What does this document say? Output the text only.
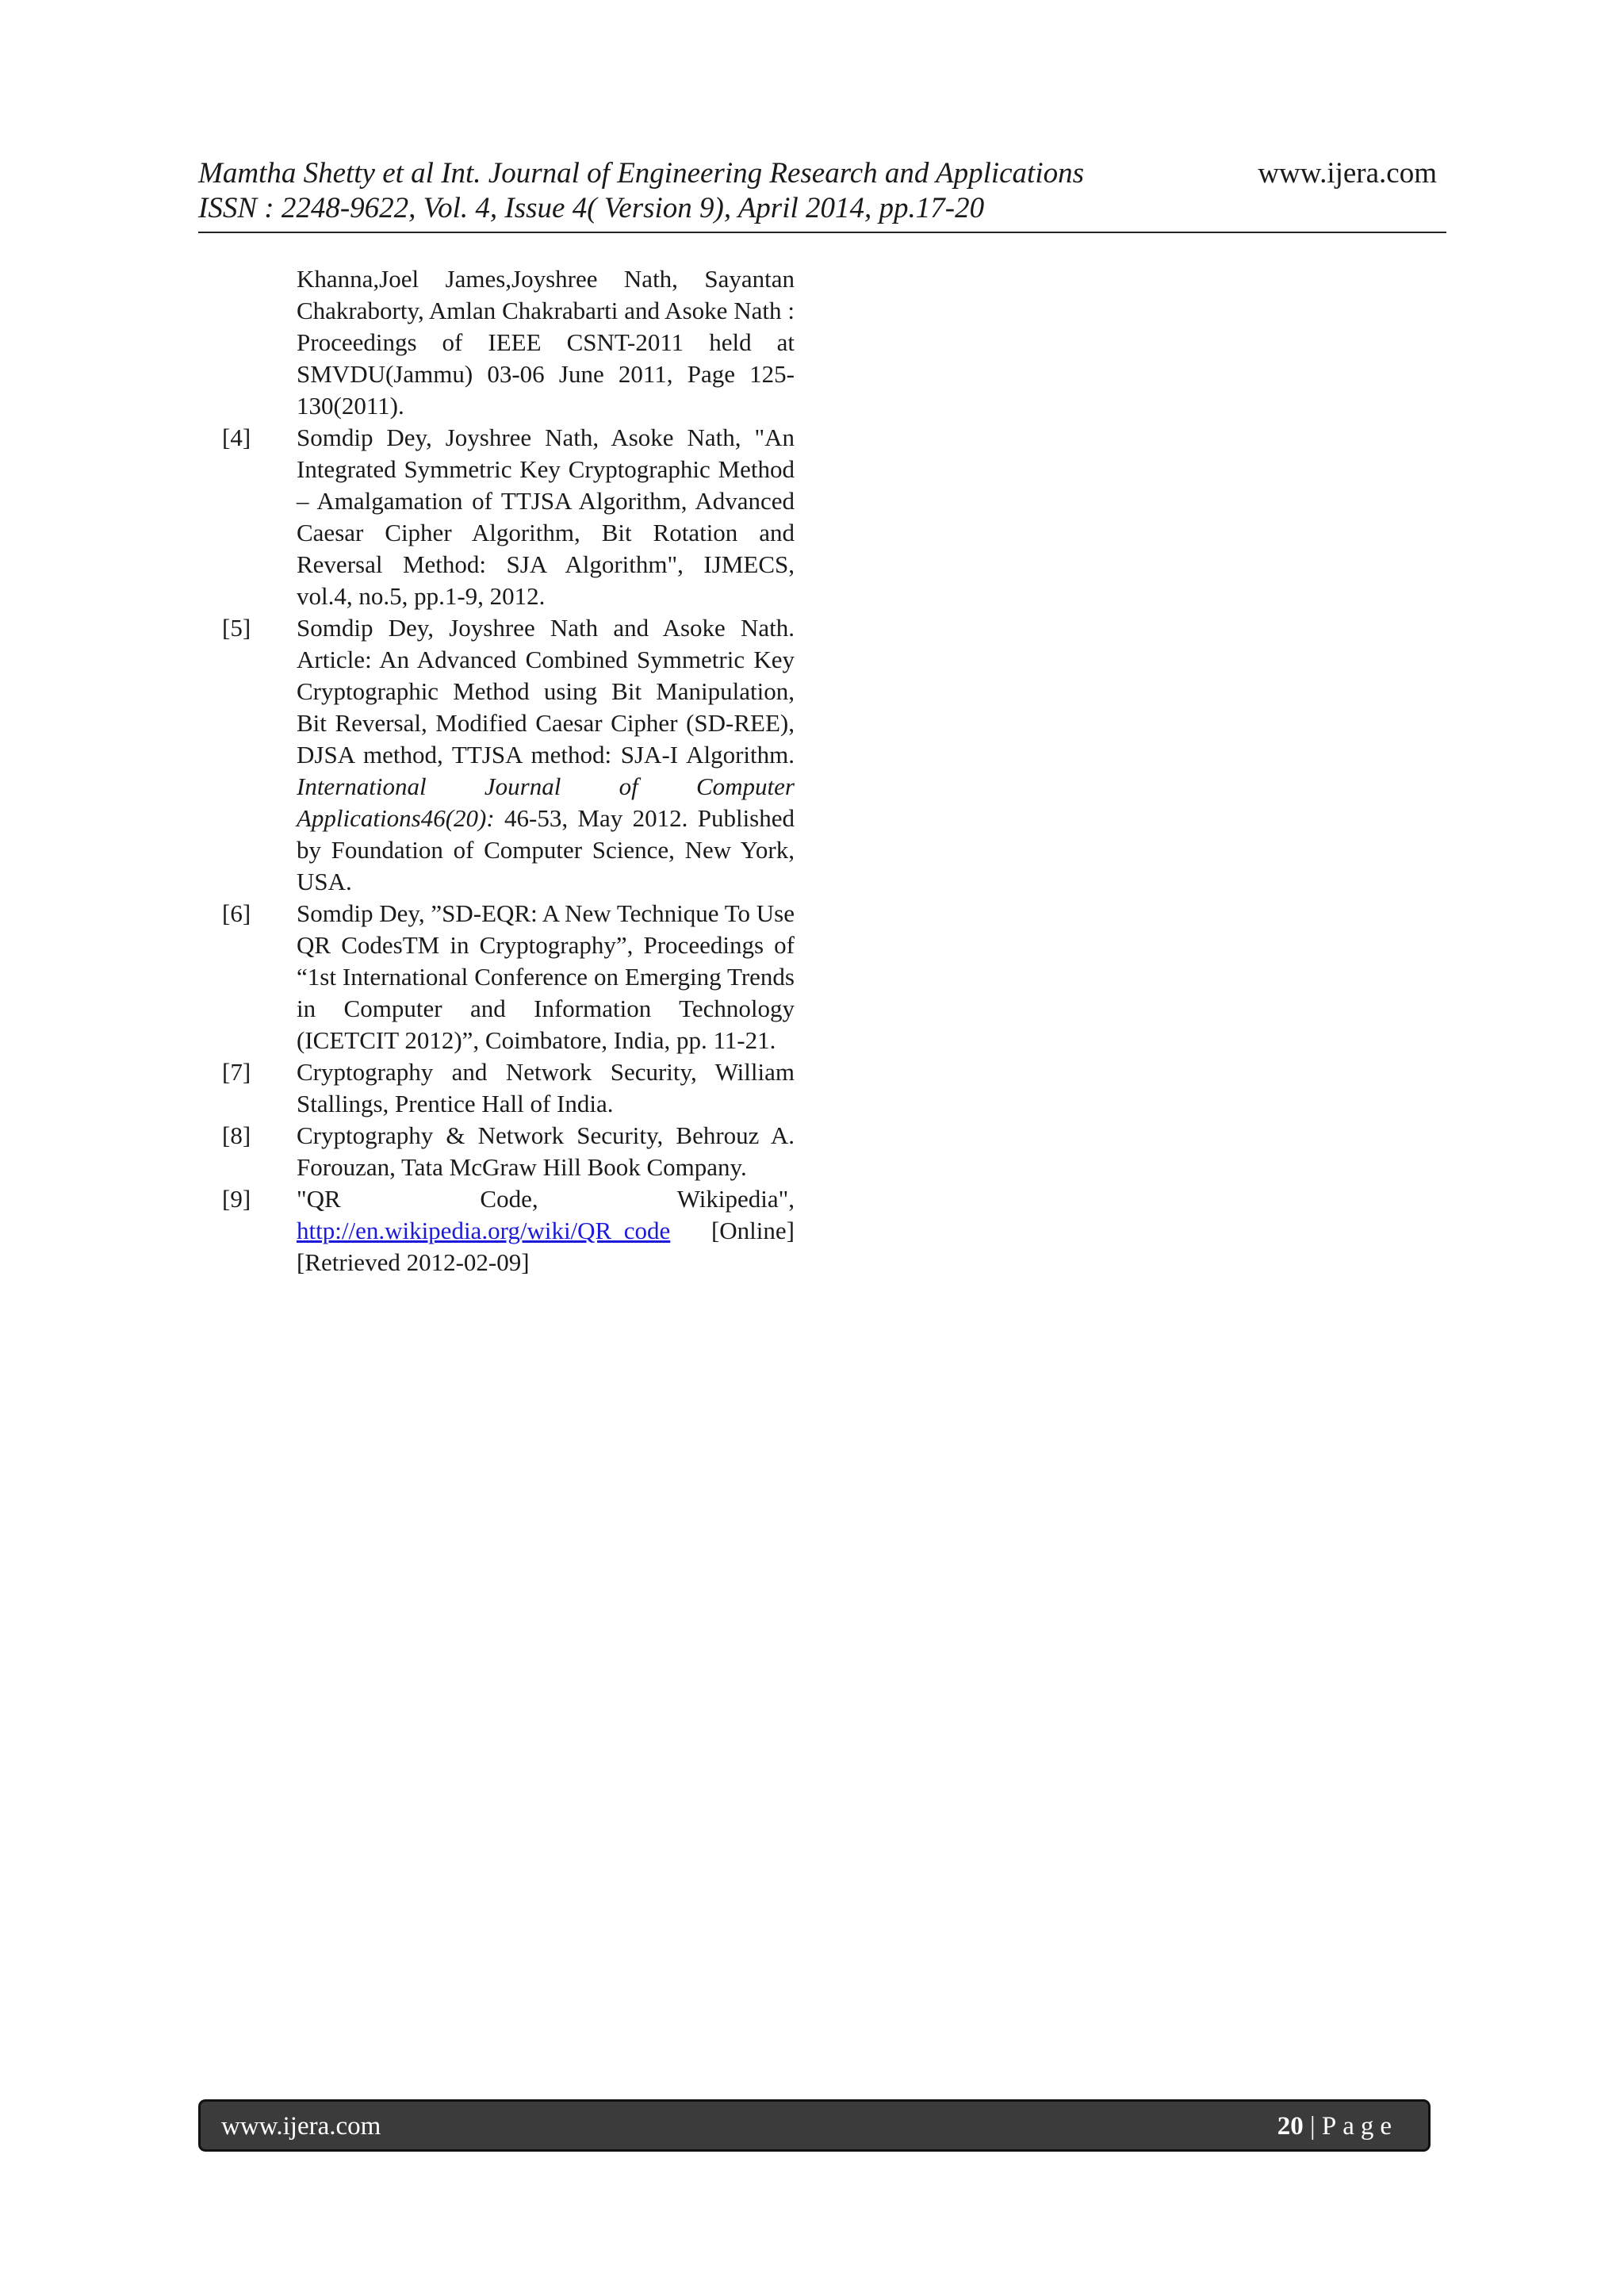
Mamtha Shetty et al Int. Journal of Engineering Research and Applications
ISSN : 2248-9622, Vol. 4, Issue 4( Version 9), April 2014, pp.17-20
www.ijera.com
Khanna,Joel James,Joyshree Nath, Sayantan Chakraborty, Amlan Chakrabarti and Asoke Nath : Proceedings of IEEE CSNT-2011 held at SMVDU(Jammu) 03-06 June 2011, Page 125-130(2011).
[4] Somdip Dey, Joyshree Nath, Asoke Nath, "An Integrated Symmetric Key Cryptographic Method – Amalgamation of TTJSA Algorithm, Advanced Caesar Cipher Algorithm, Bit Rotation and Reversal Method: SJA Algorithm", IJMECS, vol.4, no.5, pp.1-9, 2012.
[5] Somdip Dey, Joyshree Nath and Asoke Nath. Article: An Advanced Combined Symmetric Key Cryptographic Method using Bit Manipulation, Bit Reversal, Modified Caesar Cipher (SD-REE), DJSA method, TTJSA method: SJA-I Algorithm. International Journal of Computer Applications46(20): 46-53, May 2012. Published by Foundation of Computer Science, New York, USA.
[6] Somdip Dey, ”SD-EQR: A New Technique To Use QR CodesTM in Cryptography”, Proceedings of “1st International Conference on Emerging Trends in Computer and Information Technology (ICETCIT 2012)”, Coimbatore, India, pp. 11-21.
[7] Cryptography and Network Security, William Stallings, Prentice Hall of India.
[8] Cryptography & Network Security, Behrouz A. Forouzan, Tata McGraw Hill Book Company.
[9] "QR Code, Wikipedia", http://en.wikipedia.org/wiki/QR_code [Online] [Retrieved 2012-02-09]
www.ijera.com	20 | Page
